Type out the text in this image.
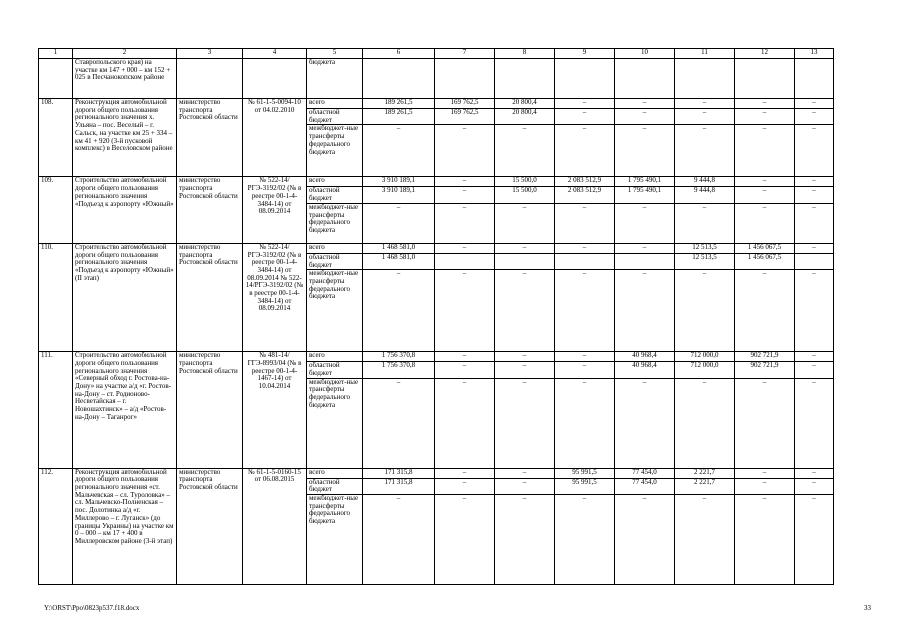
1	2	3	4	5	6	7	8	9	10	11	12	13
	Ставропольского края) на участке км 147 + 000 – км 152 + 025 в Песчанокопском районе			бюджета								
108.	Реконструкция автомобильной дороги общего пользования регионального значения х. Ульяна – пос. Веселый – г. Сальск, на участке км 25 + 334 – км 41 + 920 (3-й пусковой комплекс) в Веселовском районе	министерство транспорта Ростовской области	№ 61-1-5-0094-10 от 04.02.2010	всего	189 261,5	169 762,5	20 800,4	–	–	–	–	–
				областной бюджет	189 261,5	169 762,5	20 800,4	–	–	–	–	–
				межбюджет-ные трансферты федерального бюджета	–	–	–	–	–	–	–	–
109.	Строительство автомобильной дороги общего пользования регионального значения «Подъезд к аэропорту «Южный»	министерство транспорта Ростовской области	№ 522-14/РГЭ-3192/02 (№ в реестре 00-1-4-3484-14) от 08.09.2014	всего	3 910 189,1	–	15 500,0	2 083 512,9	1 795 490,1	9 444,8	–	–
				областной бюджет	3 910 189,1	–	15 500,0	2 083 512,9	1 795 490,1	9 444,8	–	–
				межбюджет-ные трансферты федерального бюджета	–	–	–	–	–	–	–	–
110.	Строительство автомобильной дороги общего пользования регионального значения «Подъезд к аэропорту «Южный» (II этап)	министерство транспорта Ростовской области	№ 522-14/РГЭ-3192/02 (№ в реестре 00-1-4-3484-14) от 08.09.2014 № 522-14/РГЭ-3192/02 (№ в реестре 00-1-4-3484-14) от 08.09.2014	всего	1 468 581,0	–	–	–	–	12 513,5	1 456 067,5	–
				областной бюджет	1 468 581,0					12 513,5	1 456 067,5	
				межбюджет-ные трансферты федерального бюджета	–	–	–	–	–	–	–	–
111.	Строительство автомобильной дороги общего пользования регионального значения «Северный обход г. Ростова-на-Дону» на участке а/д «г. Ростов-на-Дону – ст. Родионово-Несветайская – г. Новошахтинск» – а/д «Ростов-на-Дону – Таганрог»	министерство транспорта Ростовской области	№ 481-14/ГГЭ-8993/04 (№ в реестре 00-1-4-1467-14) от 10.04.2014	всего	1 756 370,8	–	–	–	40 968,4	712 000,0	902 721,9	–
				областной бюджет	1 756 370,8	–	–	–	40 968,4	712 000,0	902 721,9	–
				межбюджет-ные трансферты федерального бюджета	–	–	–	–	–	–	–	–
112.	Реконструкция автомобильной дороги общего пользования регионального значения «ст. Мальчевская – сл. Туроловка» – сл. Мальчевско-Полненская – пос. Долотинка а/д «г. Миллерово – г. Луганск» (до границы Украины) на участке км 0 – 000 – км 17 + 400 в Миллеровском районе (3-й этап)	министерство транспорта Ростовской области	№ 61-1-5-0160-15 от 06.08.2015	всего	171 315,8	–	–	95 991,5	77 454,0	2 221,7	–	–
				областной бюджет	171 315,8	–	–	95 991,5	77 454,0	2 221,7	–	–
				межбюджет-ные трансферты федерального бюджета	–	–	–	–	–	–	–	–
Y:\ORST\Ppo\0823p537.f18.docx	33
